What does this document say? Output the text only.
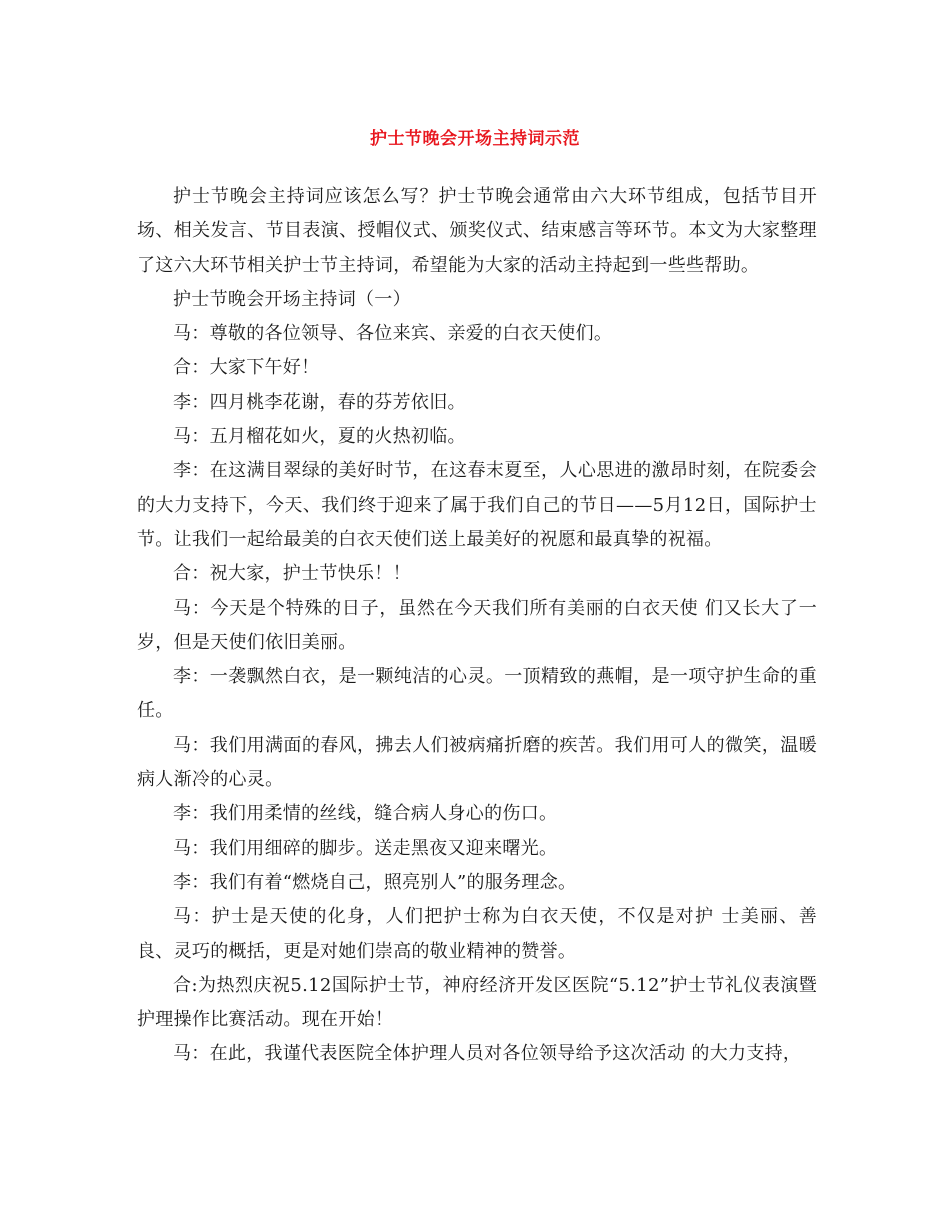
护士节晚会开场主持词示范

护士节晚会主持词应该怎么写？护士节晚会通常由六大环节组成，包括节目开场、相关发言、节目表演、授帽仪式、颁奖仪式、结束感言等环节。本文为大家整理了这六大环节相关护士节主持词，希望能为大家的活动主持起到一些些帮助。

护士节晚会开场主持词（一）

马：尊敬的各位领导、各位来宾、亲爱的白衣天使们。

合：大家下午好！

李：四月桃李花谢，春的芬芳依旧。

马：五月榴花如火，夏的火热初临。

李：在这满目翠绿的美好时节，在这春末夏至，人心思进的激昂时刻，在院委会的大力支持下，今天、我们终于迎来了属于我们自己的节日——5月12日，国际护士节。让我们一起给最美的白衣天使们送上最美好的祝愿和最真挚的祝福。

合：祝大家，护士节快乐！！

马：今天是个特殊的日子，虽然在今天我们所有美丽的白衣天使 们又长大了一岁，但是天使们依旧美丽。

李：一袭飘然白衣，是一颗纯洁的心灵。一顶精致的燕帽，是一项守护生命的重任。

马：我们用满面的春风，拂去人们被病痛折磨的疾苦。我们用可人的微笑，温暖病人渐冷的心灵。

李：我们用柔情的丝线，缝合病人身心的伤口。

马：我们用细碎的脚步。送走黑夜又迎来曙光。

李：我们有着“燃烧自己，照亮别人”的服务理念。

马：护士是天使的化身，人们把护士称为白衣天使，不仅是对护 士美丽、善良、灵巧的概括，更是对她们崇高的敬业精神的赞誉。

合:为热烈庆祝5.12国际护士节，神府经济开发区医院“5.12”护士节礼仪表演暨护理操作比赛活动。现在开始！

马：在此，我谨代表医院全体护理人员对各位领导给予这次活动 的大力支持，
